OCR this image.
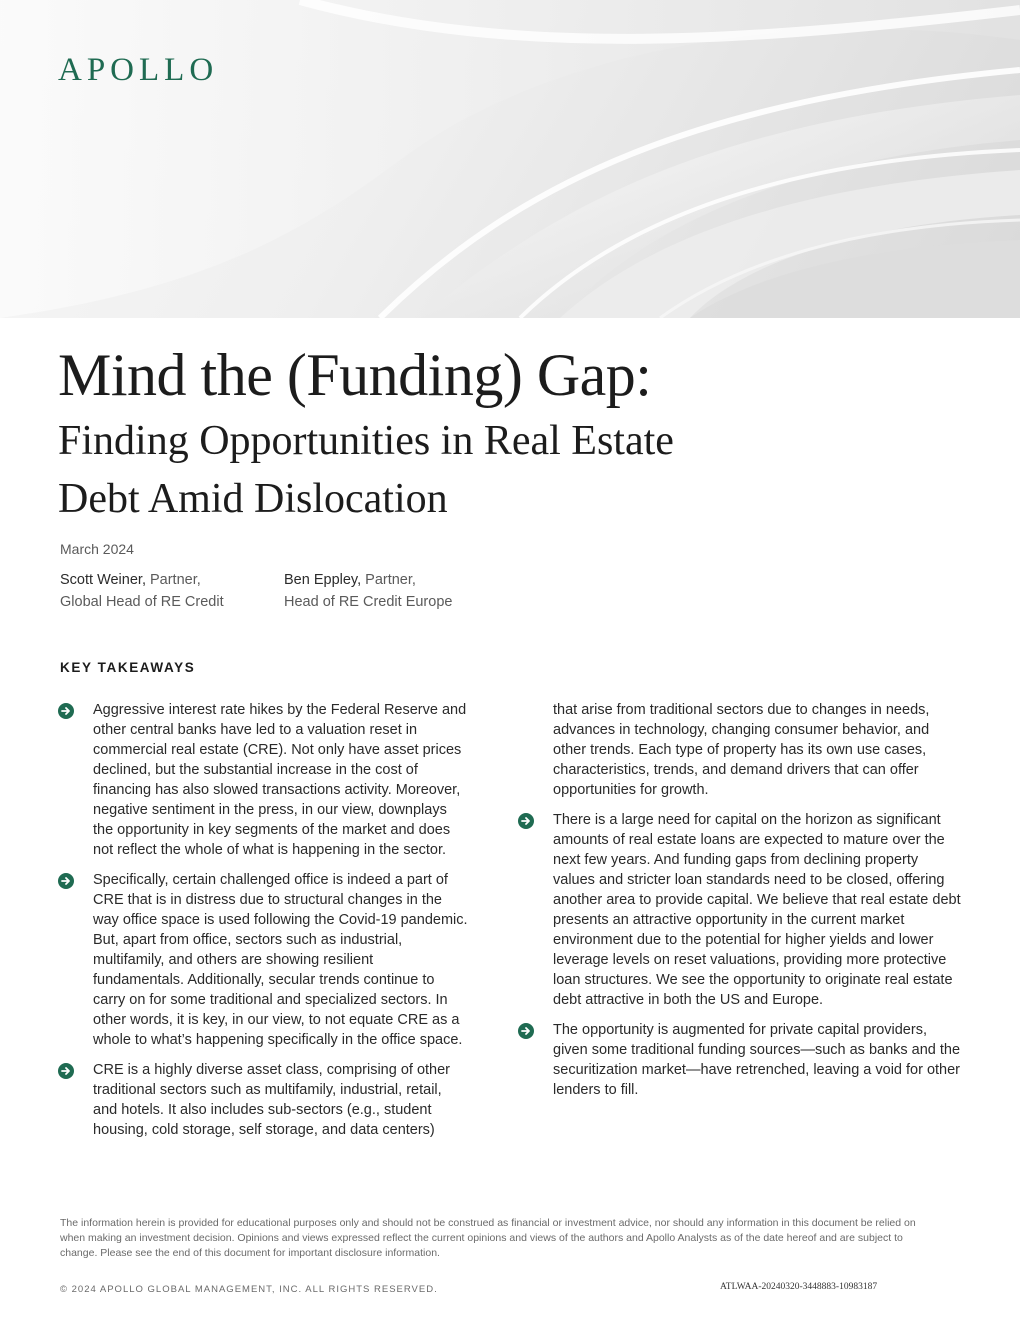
APOLLO
Mind the (Funding) Gap:
Finding Opportunities in Real Estate
Debt Amid Dislocation
March 2024
Scott Weiner, Partner,
Global Head of RE Credit
Ben Eppley, Partner,
Head of RE Credit Europe
KEY TAKEAWAYS

Aggressive interest rate hikes by the Federal Reserve and other central banks have led to a valuation reset in commercial real estate (CRE). Not only have asset prices declined, but the substantial increase in the cost of financing has also slowed transactions activity. Moreover, negative sentiment in the press, in our view, downplays the opportunity in key segments of the market and does not reflect the whole of what is happening in the sector.

Specifically, certain challenged office is indeed a part of CRE that is in distress due to structural changes in the way office space is used following the Covid-19 pandemic. But, apart from office, sectors such as industrial, multifamily, and others are showing resilient fundamentals. Additionally, secular trends continue to carry on for some traditional and specialized sectors. In other words, it is key, in our view, to not equate CRE as a whole to what’s happening specifically in the office space.

CRE is a highly diverse asset class, comprising of other traditional sectors such as multifamily, industrial, retail, and hotels. It also includes sub-sectors (e.g., student housing, cold storage, self storage, and data centers)

that arise from traditional sectors due to changes in needs, advances in technology, changing consumer behavior, and other trends. Each type of property has its own use cases, characteristics, trends, and demand drivers that can offer opportunities for growth.

There is a large need for capital on the horizon as significant amounts of real estate loans are expected to mature over the next few years. And funding gaps from declining property values and stricter loan standards need to be closed, offering another area to provide capital. We believe that real estate debt presents an attractive opportunity in the current market environment due to the potential for higher yields and lower leverage levels on reset valuations, providing more protective loan structures. We see the opportunity to originate real estate debt attractive in both the US and Europe.

The opportunity is augmented for private capital providers, given some traditional funding sources—such as banks and the securitization market—have retrenched, leaving a void for other lenders to fill.

The information herein is provided for educational purposes only and should not be construed as financial or investment advice, nor should any information in this document be relied on when making an investment decision. Opinions and views expressed reflect the current opinions and views of the authors and Apollo Analysts as of the date hereof and are subject to change. Please see the end of this document for important disclosure information.
© 2024 APOLLO GLOBAL MANAGEMENT, INC. ALL RIGHTS RESERVED.	ATLWAA-20240320-3448883-10983187
